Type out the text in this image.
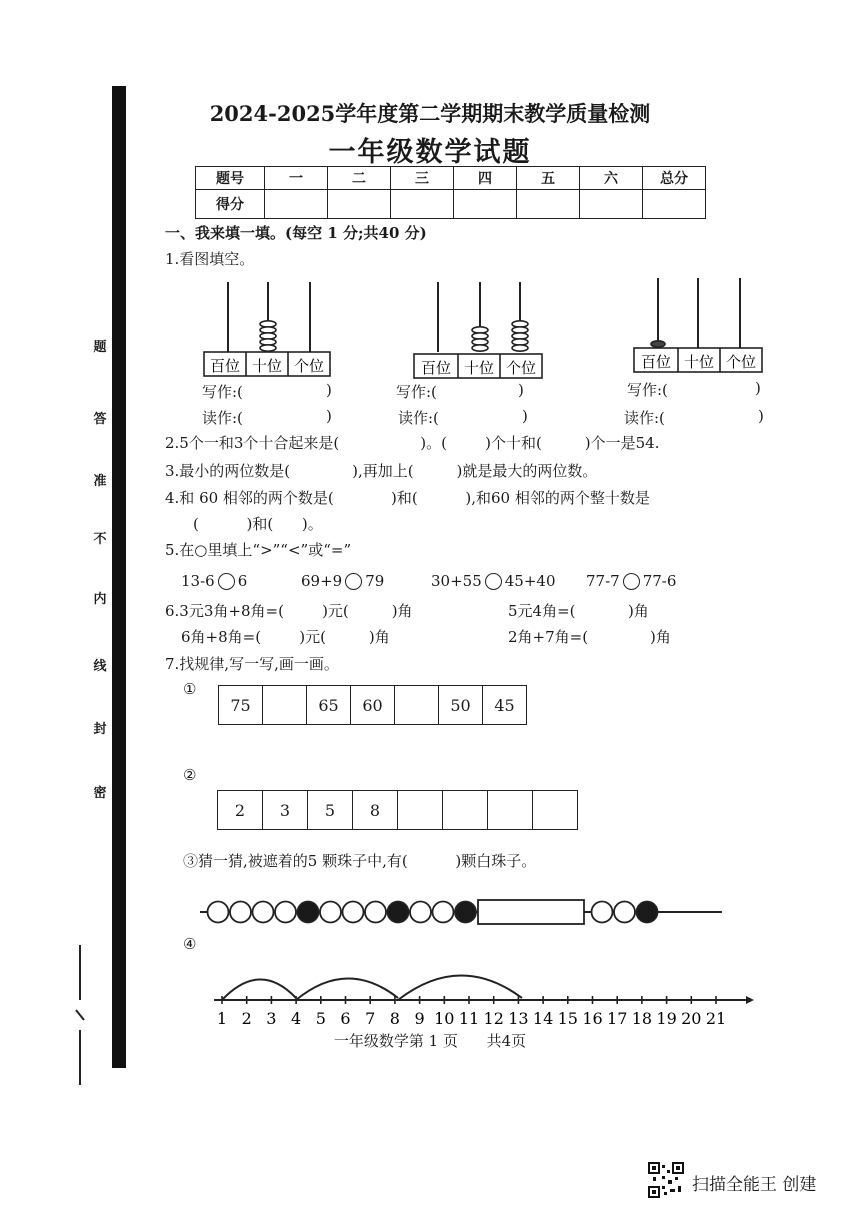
题
答
准
不
内
线
封
密
2024-2025学年度第二学期期末教学质量检测
一年级数学试题
题号	一	二	三	四	五	六	总分
得分							
一、我来填一填。(每空 1 分;共40 分)
1.看图填空。
百位 十位 个位	百位 十位 个位	百位 十位 个位
写作:(	)
读作:(	)
写作:(	)
读作:(	)
写作:(	)
读作:(	)
2.5个一和3个十合起来是(                 )。(        )个十和(         )个一是54.
3.最小的两位数是(             ),再加上(         )就是最大的两位数。
4.和 60 相邻的两个数是(            )和(          ),和60 相邻的两个整十数是
(          )和(      )。
5.在○里填上“>”“<”或“=”
13-6 6	69+9 79	30+55 45+40 77-7 77-6
6.3元3角+8角=(        )元(         )角	5元4角=(           )角
6角+8角=(        )元(         )角	2角+7角=(             )角
7.找规律,写一写,画一画。
①
75		65	60		50	45
②
2	3	5	8				
③猜一猜,被遮着的5 颗珠子中,有(          )颗白珠子。
④
1 2 3 4 5 6 7 8 9 10 11 12 13 14 15 16 17 18 19 20 21
一年级数学第 1 页      共4页
扫描全能王 创建
